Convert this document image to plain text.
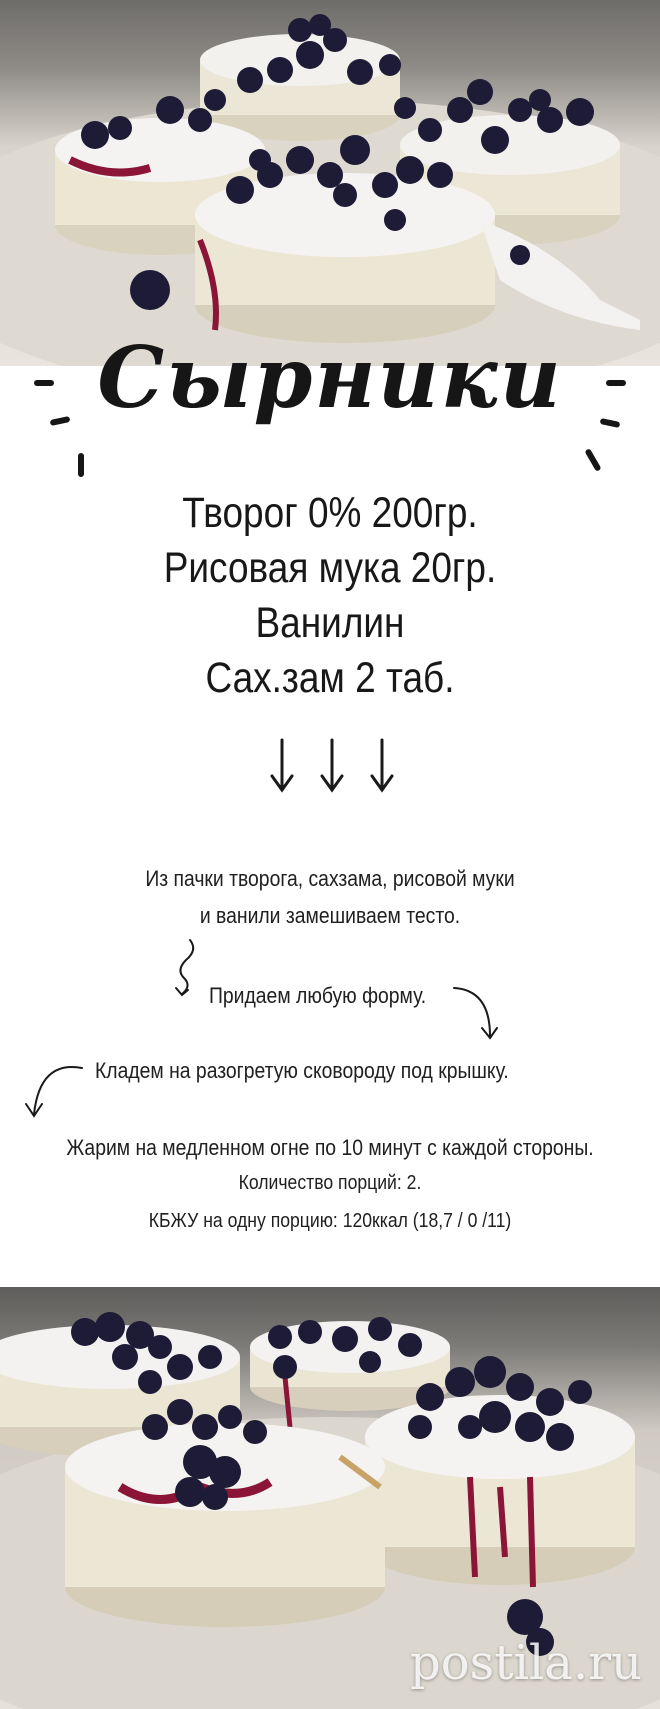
Сырники
Творог 0% 200гр.
Рисовая мука 20гр.
Ванилин
Сах.зам 2 таб.
Из пачки творога, сахзама, рисовой муки
и ванили замешиваем тесто.
Придаем любую форму.
Кладем на разогретую сковороду под крышку.
Жарим на медленном огне по 10 минут с каждой стороны.
Количество порций: 2.
КБЖУ на одну порцию: 120ккал (18,7 / 0 /11)
postila.ru
